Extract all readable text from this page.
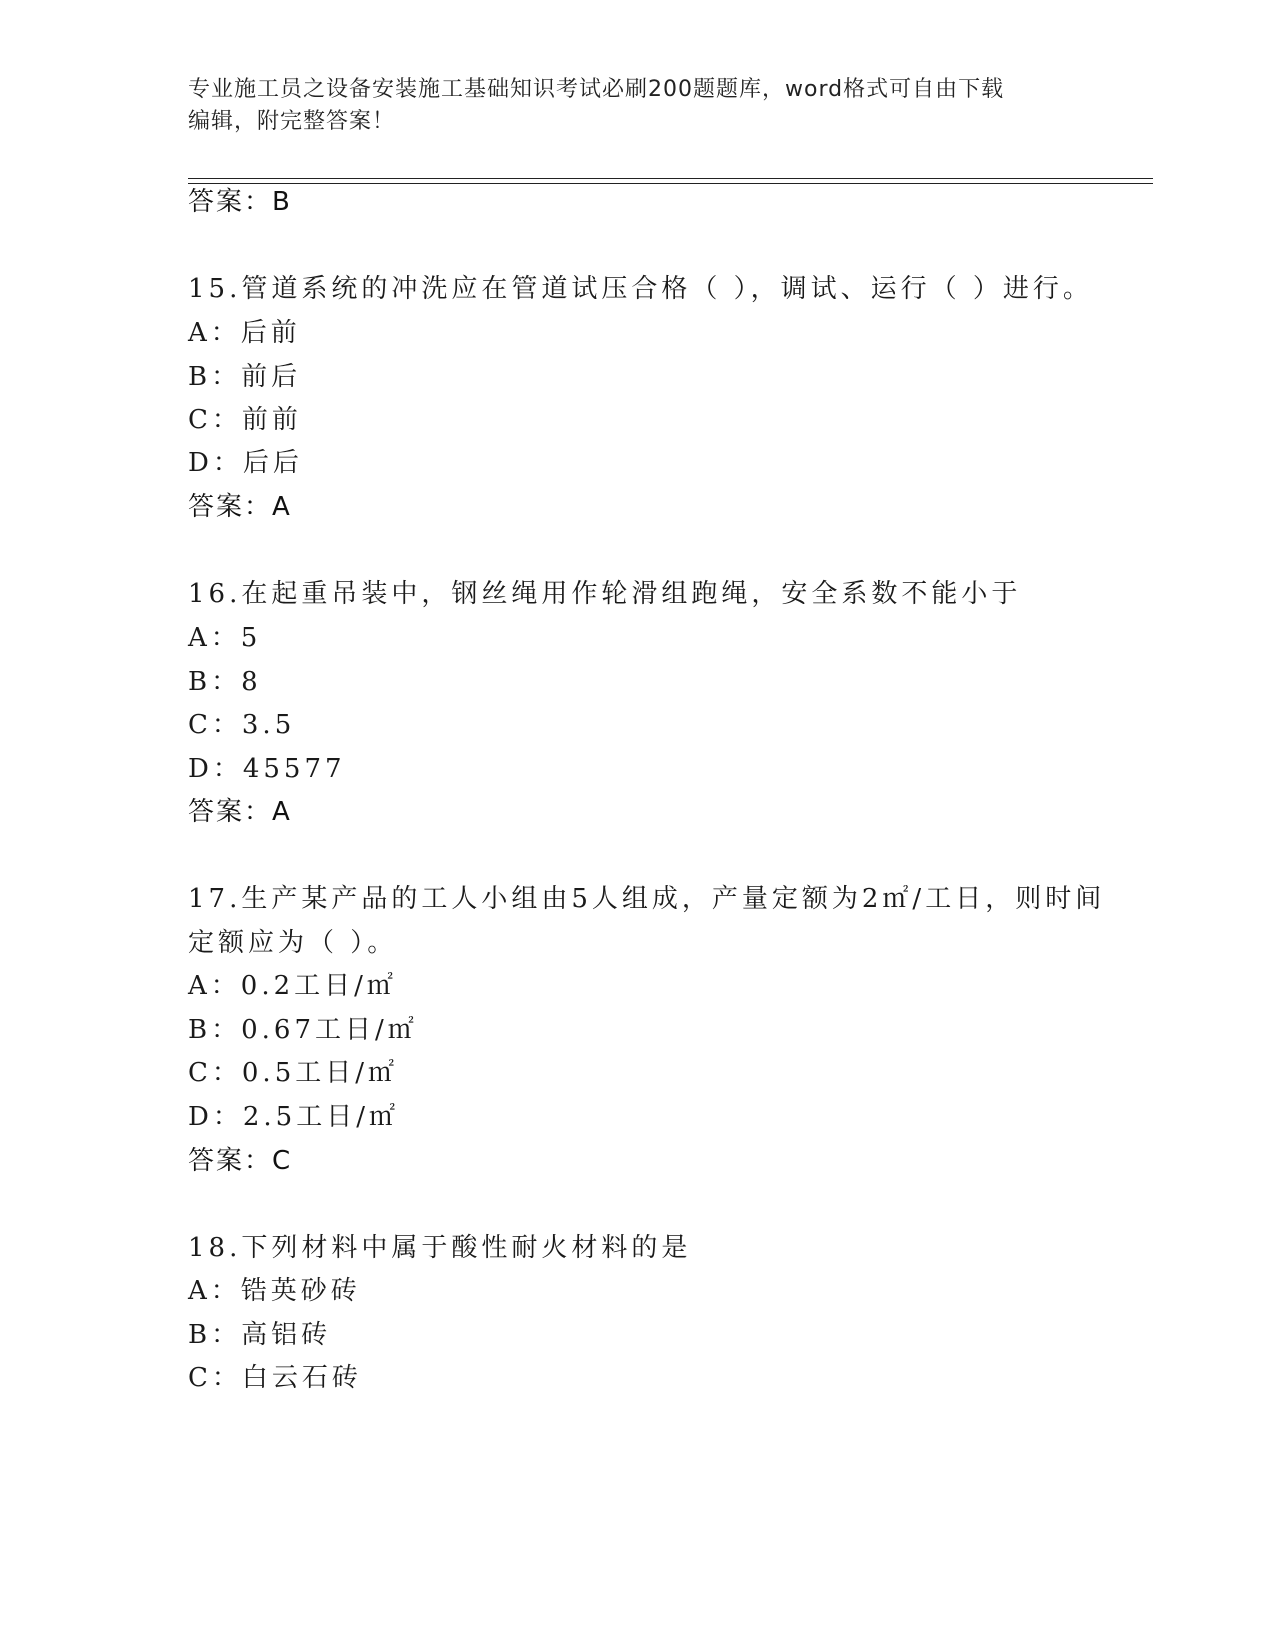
专业施工员之设备安装施工基础知识考试必刷200题题库，word格式可自由下载
编辑，附完整答案！
答案：B
15.管道系统的冲洗应在管道试压合格（ ），调试、运行（ ）进行。
A：后前
B：前后
C：前前
D：后后
答案：A
16.在起重吊装中，钢丝绳用作轮滑组跑绳，安全系数不能小于
A：5
B：8
C：3.5
D：45577
答案：A
17.生产某产品的工人小组由5人组成，产量定额为2㎡/工日，则时间
定额应为（ ）。
A：0.2工日/㎡
B：0.67工日/㎡
C：0.5工日/㎡
D：2.5工日/㎡
答案：C
18.下列材料中属于酸性耐火材料的是
A：锆英砂砖
B：高铝砖
C：白云石砖
